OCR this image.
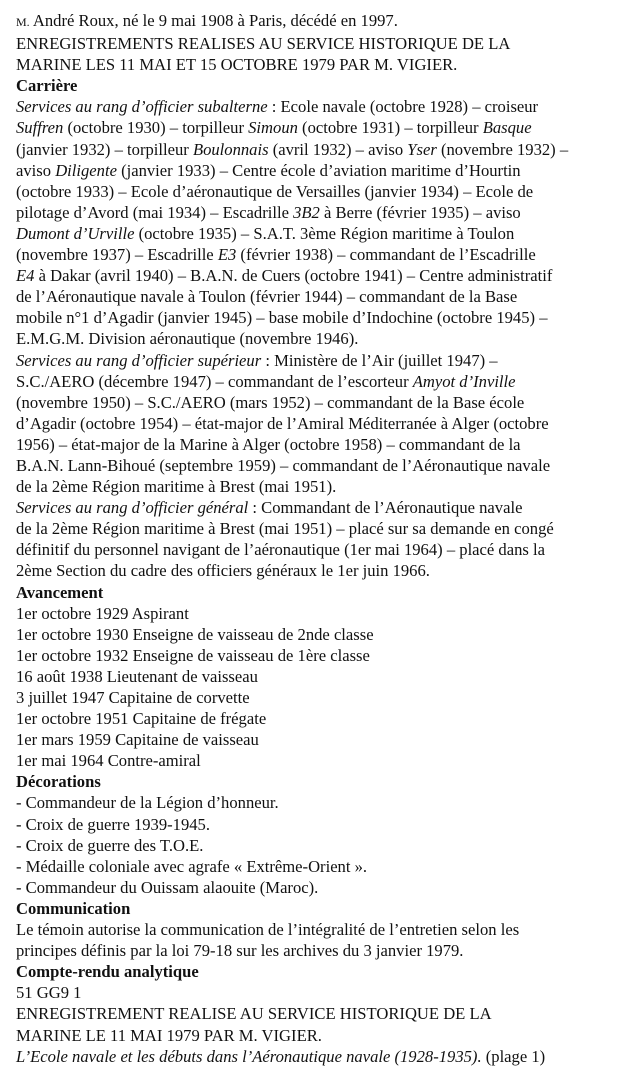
M. André Roux, né le 9 mai 1908 à Paris, décédé en 1997.
ENREGISTREMENTS REALISES AU SERVICE HISTORIQUE DE LA
MARINE LES 11 MAI ET 15 OCTOBRE 1979 PAR M. VIGIER.
Carrière
Services au rang d’officier subalterne : Ecole navale (octobre 1928) – croiseur
Suffren (octobre 1930) – torpilleur Simoun (octobre 1931) – torpilleur Basque
(janvier 1932) – torpilleur Boulonnais (avril 1932) – aviso Yser (novembre 1932) –
aviso Diligente (janvier 1933) – Centre école d’aviation maritime d’Hourtin
(octobre 1933) – Ecole d’aéronautique de Versailles (janvier 1934) – Ecole de
pilotage d’Avord (mai 1934) – Escadrille 3B2 à Berre (février 1935) – aviso
Dumont d’Urville (octobre 1935) – S.A.T. 3ème Région maritime à Toulon
(novembre 1937) – Escadrille E3 (février 1938) – commandant de l’Escadrille
E4 à Dakar (avril 1940) – B.A.N. de Cuers (octobre 1941) – Centre administratif
de l’Aéronautique navale à Toulon (février 1944) – commandant de la Base
mobile n°1 d’Agadir (janvier 1945) – base mobile d’Indochine (octobre 1945) –
E.M.G.M. Division aéronautique (novembre 1946).
Services au rang d’officier supérieur : Ministère de l’Air (juillet 1947) –
S.C./AERO (décembre 1947) – commandant de l’escorteur Amyot d’Inville
(novembre 1950) – S.C./AERO (mars 1952) – commandant de la Base école
d’Agadir (octobre 1954) – état-major de l’Amiral Méditerranée à Alger (octobre
1956) – état-major de la Marine à Alger (octobre 1958) – commandant de la
B.A.N. Lann-Bihoué (septembre 1959) – commandant de l’Aéronautique navale
de la 2ème Région maritime à Brest (mai 1951).
Services au rang d’officier général : Commandant de l’Aéronautique navale
de la 2ème Région maritime à Brest (mai 1951) – placé sur sa demande en congé
définitif du personnel navigant de l’aéronautique (1er mai 1964) – placé dans la
2ème Section du cadre des officiers généraux le 1er juin 1966.
Avancement
1er octobre 1929 Aspirant
1er octobre 1930 Enseigne de vaisseau de 2nde classe
1er octobre 1932 Enseigne de vaisseau de 1ère classe
16 août 1938 Lieutenant de vaisseau
3 juillet 1947 Capitaine de corvette
1er octobre 1951 Capitaine de frégate
1er mars 1959 Capitaine de vaisseau
1er mai 1964 Contre-amiral
Décorations
- Commandeur de la Légion d’honneur.
- Croix de guerre 1939-1945.
- Croix de guerre des T.O.E.
- Médaille coloniale avec agrafe « Extrême-Orient ».
- Commandeur du Ouissam alaouite (Maroc).
Communication
Le témoin autorise la communication de l’intégralité de l’entretien selon les
principes définis par la loi 79-18 sur les archives du 3 janvier 1979.
Compte-rendu analytique
51 GG9 1
ENREGISTREMENT REALISE AU SERVICE HISTORIQUE DE LA
MARINE LE 11 MAI 1979 PAR M. VIGIER.
L’Ecole navale et les débuts dans l’Aéronautique navale (1928-1935). (plage 1)
